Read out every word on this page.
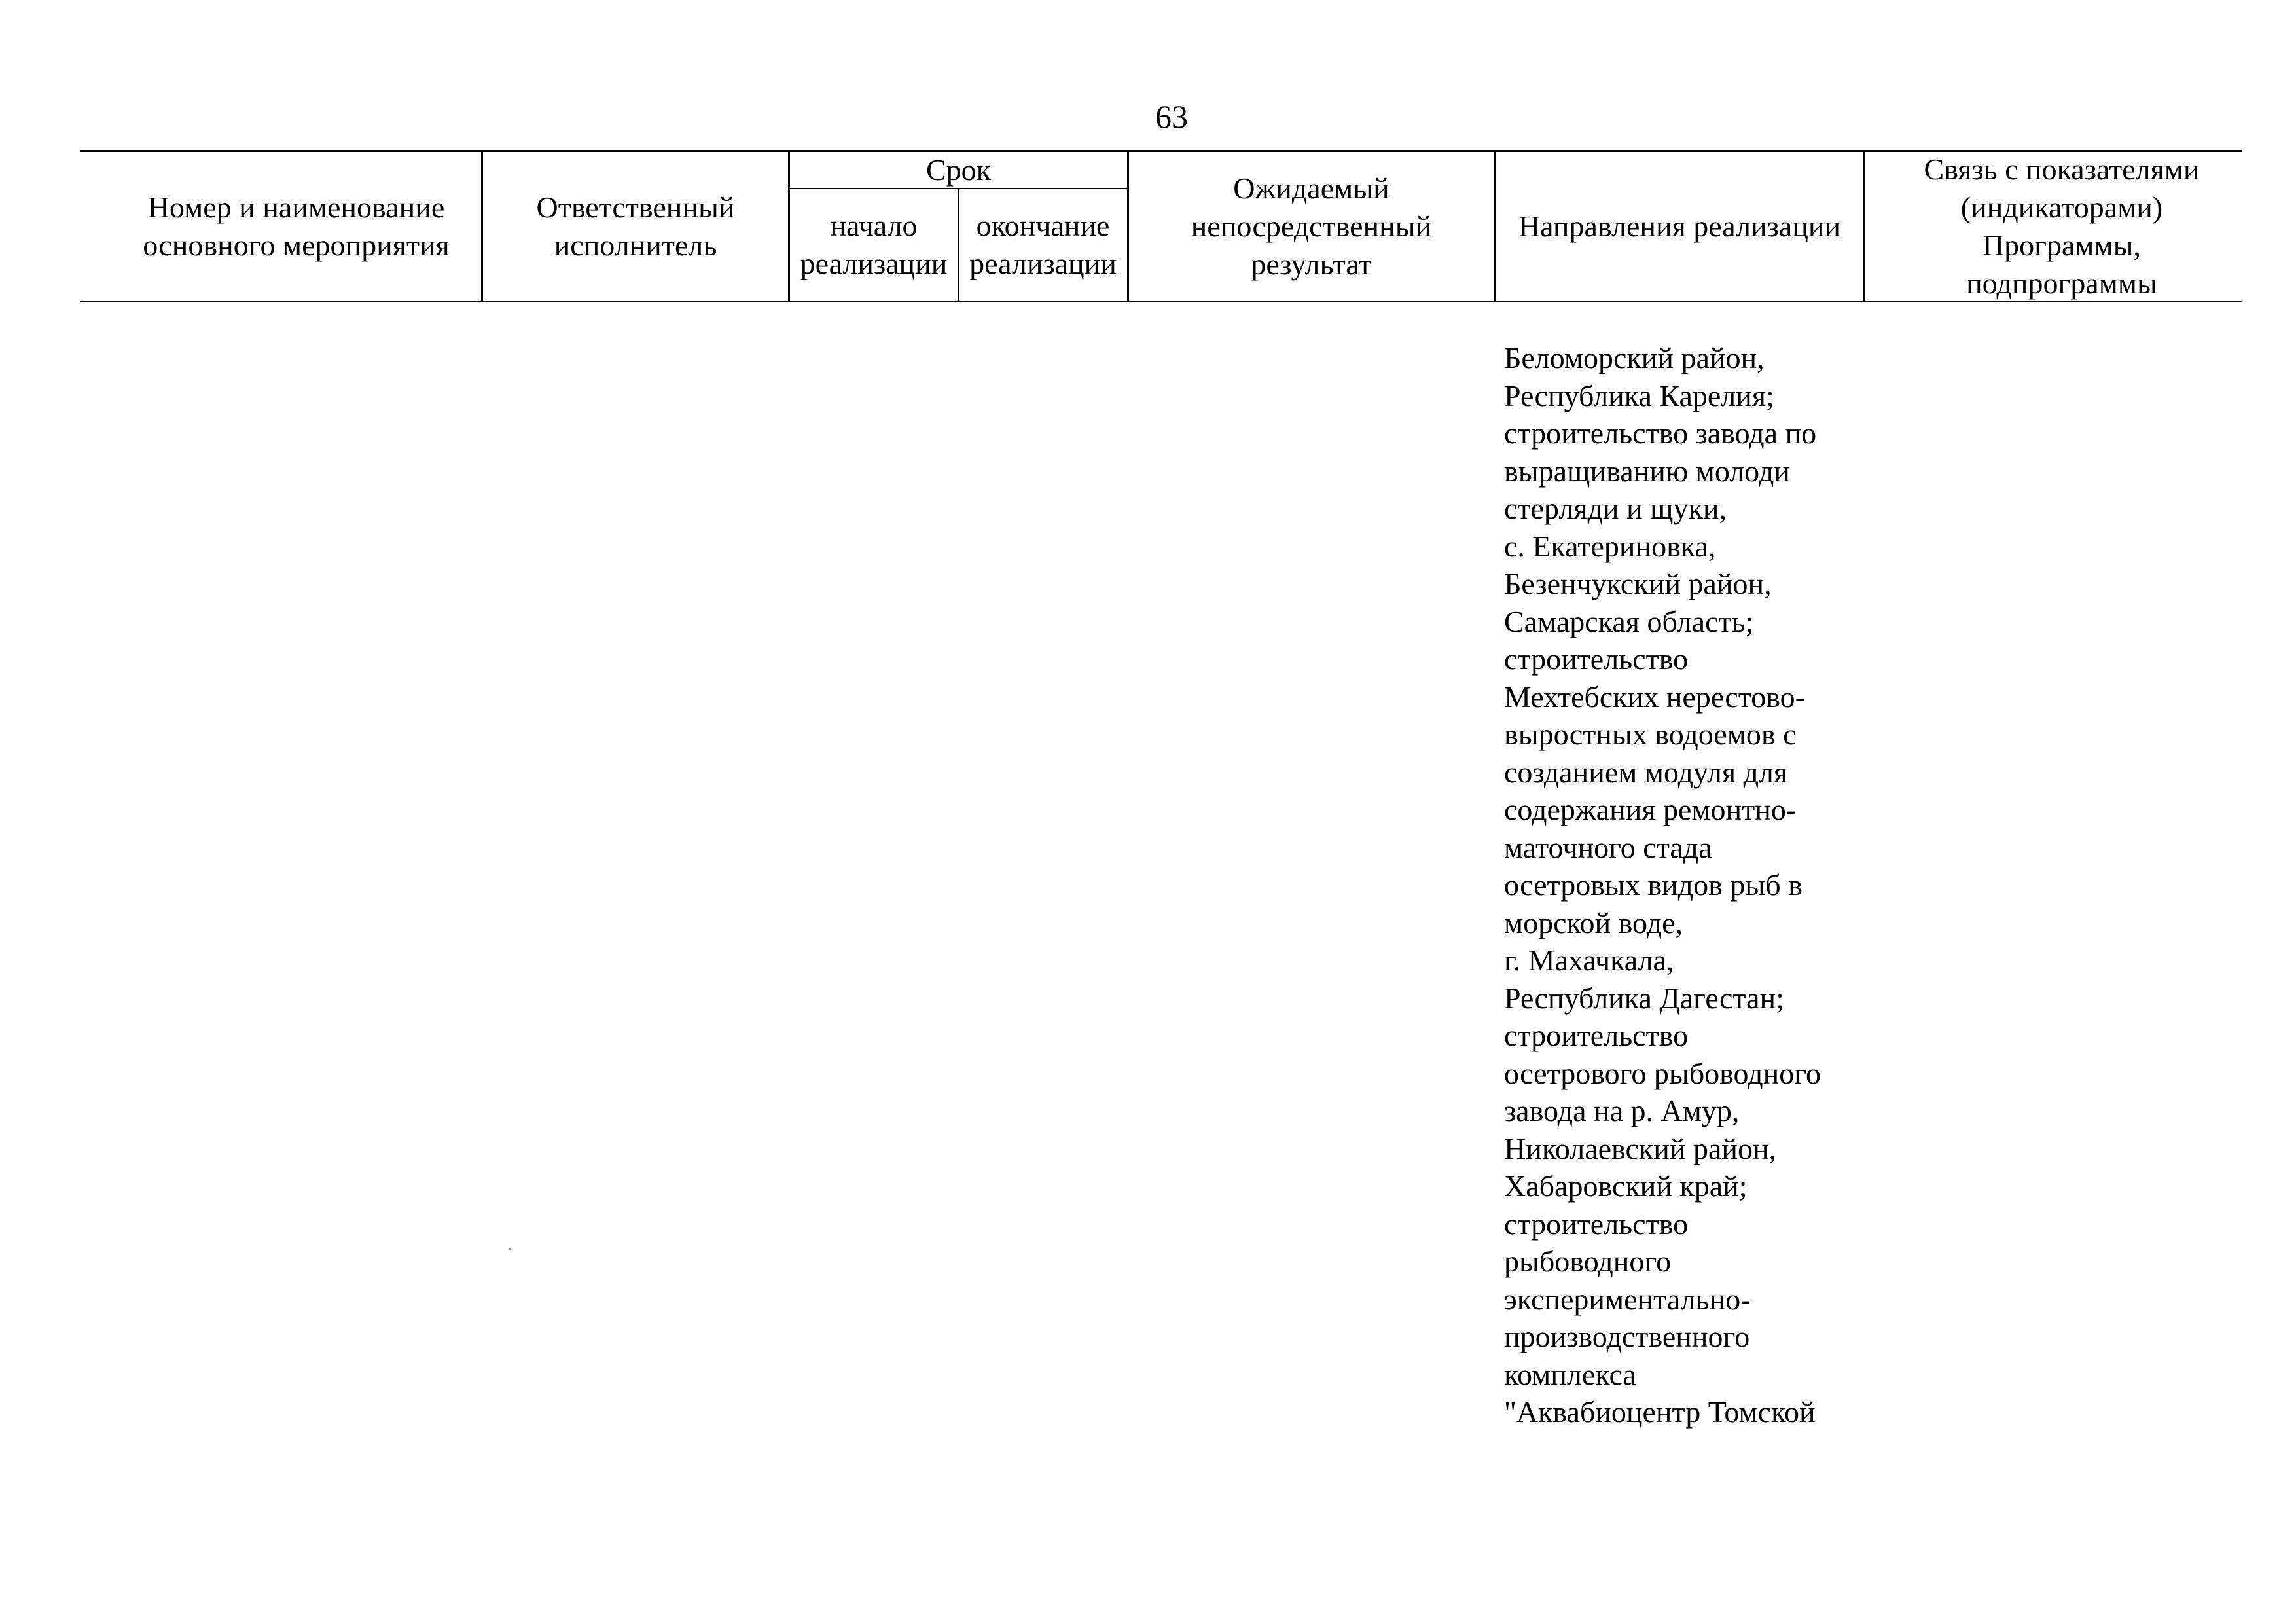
63
Номер и наименование основного мероприятия
Ответственный исполнитель
Срок
начало реализации
окончание реализации
Ожидаемый непосредственный результат
Направления реализации
Связь с показателями (индикаторами) Программы, подпрограммы
Беломорский район,
Республика Карелия;
строительство завода по
выращиванию молоди
стерляди и щуки,
с. Екатериновка,
Безенчукский район,
Самарская область;
строительство
Мехтебских нерестово-
выростных водоемов с
созданием модуля для
содержания ремонтно-
маточного стада
осетровых видов рыб в
морской воде,
г. Махачкала,
Республика Дагестан;
строительство
осетрового рыбоводного
завода на р. Амур,
Николаевский район,
Хабаровский край;
строительство
рыбоводного
экспериментально-
производственного
комплекса
"Аквабиоцентр Томской
